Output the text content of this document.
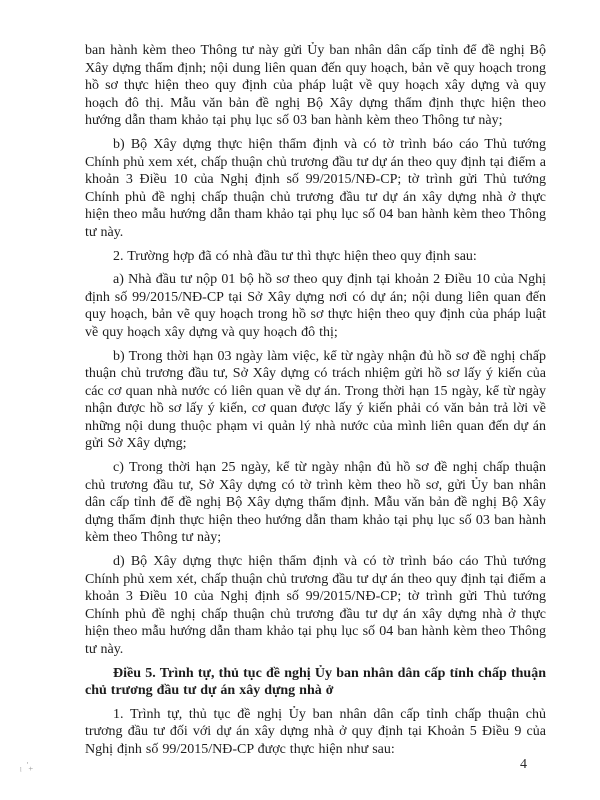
ban hành kèm theo Thông tư này gửi Ủy ban nhân dân cấp tỉnh để đề nghị Bộ Xây dựng thẩm định; nội dung liên quan đến quy hoạch, bản vẽ quy hoạch trong hồ sơ thực hiện theo quy định của pháp luật về quy hoạch xây dựng và quy hoạch đô thị. Mẫu văn bản đề nghị Bộ Xây dựng thẩm định thực hiện theo hướng dẫn tham khảo tại phụ lục số 03 ban hành kèm theo Thông tư này;

b) Bộ Xây dựng thực hiện thẩm định và có tờ trình báo cáo Thủ tướng Chính phủ xem xét, chấp thuận chủ trương đầu tư dự án theo quy định tại điểm a khoản 3 Điều 10 của Nghị định số 99/2015/NĐ-CP; tờ trình gửi Thủ tướng Chính phủ đề nghị chấp thuận chủ trương đầu tư dự án xây dựng nhà ở thực hiện theo mẫu hướng dẫn tham khảo tại phụ lục số 04 ban hành kèm theo Thông tư này.

2. Trường hợp đã có nhà đầu tư thì thực hiện theo quy định sau:

a) Nhà đầu tư nộp 01 bộ hồ sơ theo quy định tại khoản 2 Điều 10 của Nghị định số 99/2015/NĐ-CP tại Sở Xây dựng nơi có dự án; nội dung liên quan đến quy hoạch, bản vẽ quy hoạch trong hồ sơ thực hiện theo quy định của pháp luật về quy hoạch xây dựng và quy hoạch đô thị;

b) Trong thời hạn 03 ngày làm việc, kể từ ngày nhận đủ hồ sơ đề nghị chấp thuận chủ trương đầu tư, Sở Xây dựng có trách nhiệm gửi hồ sơ lấy ý kiến của các cơ quan nhà nước có liên quan về dự án. Trong thời hạn 15 ngày, kể từ ngày nhận được hồ sơ lấy ý kiến, cơ quan được lấy ý kiến phải có văn bản trả lời về những nội dung thuộc phạm vi quản lý nhà nước của mình liên quan đến dự án gửi Sở Xây dựng;

c) Trong thời hạn 25 ngày, kể từ ngày nhận đủ hồ sơ đề nghị chấp thuận chủ trương đầu tư, Sở Xây dựng có tờ trình kèm theo hồ sơ, gửi Ủy ban nhân dân cấp tỉnh để đề nghị Bộ Xây dựng thẩm định. Mẫu văn bản đề nghị Bộ Xây dựng thẩm định thực hiện theo hướng dẫn tham khảo tại phụ lục số 03 ban hành kèm theo Thông tư này;

d) Bộ Xây dựng thực hiện thẩm định và có tờ trình báo cáo Thủ tướng Chính phủ xem xét, chấp thuận chủ trương đầu tư dự án theo quy định tại điểm a khoản 3 Điều 10 của Nghị định số 99/2015/NĐ-CP; tờ trình gửi Thủ tướng Chính phủ đề nghị chấp thuận chủ trương đầu tư dự án xây dựng nhà ở thực hiện theo mẫu hướng dẫn tham khảo tại phụ lục số 04 ban hành kèm theo Thông tư này.

Điều 5. Trình tự, thủ tục đề nghị Ủy ban nhân dân cấp tỉnh chấp thuận chủ trương đầu tư dự án xây dựng nhà ở

1. Trình tự, thủ tục đề nghị Ủy ban nhân dân cấp tỉnh chấp thuận chủ trương đầu tư đối với dự án xây dựng nhà ở quy định tại Khoản 5 Điều 9 của Nghị định số 99/2015/NĐ-CP được thực hiện như sau:

·
ˡ ⁺	4
